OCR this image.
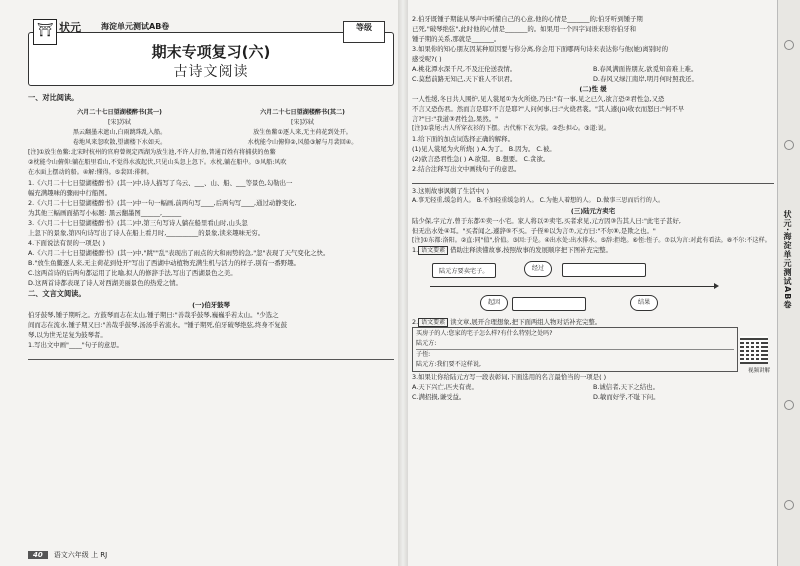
⛩ 状元	海淀单元测试AB卷	等级
期末专项复习(六)
古诗文阅读
一、对比阅读。
六月二十七日望湖楼醉书(其一)
[宋]苏轼
黑云翻墨未遮山,白雨跳珠乱入船。
卷地风来忽吹散,望湖楼下水如天。
六月二十七日望湖楼醉书(其二)
[宋]苏轼
放生鱼鳖①逐人来,无主荷花到处开。
水枕能令山俯仰②,风船③解与月裴回④。
[注]①放生鱼鳖:北宋时杭州的官府曾规定西湖为放生池,不许人打鱼,普通百姓有将捕获的鱼鳖
②枕能令山俯仰:躺在船里看山,不觉得水波起伏,只见山头忽上忽下。水枕,躺在船中。③风船:风吹
在水面上摆动的船。④解:懂得。⑤裴回:徘徊。
1.《六月二十七日望湖楼醉书》(其一)中,诗人描写了乌云、___、山、船、___等景色,勾勒出一
幅充满趣味的骤雨中行船图。
2.《六月二十七日望湖楼醉书》(其一)中一句一幅画,前两句写____,后两句写____,通过动静变化,
为其他三幅画面描写小标题: 黑云翻墨图______,______
3.《六月二十七日望湖楼醉书》(其二)中,第三句写诗人躺在船里看山时,山头忽
上忽下的景象,第四句诗写出了诗人在船上看月时,__________的景象,读来趣味无穷。
4.下面说法有误的一项是( )
A.《六月二十七日望湖楼醉书》(其一)中,"跳""乱"表现出了雨点的大和雨势的急,"忽"表现了天气变化之快。
B."放生鱼鳖逐人来,无主荷花到处开"写出了西湖中动植物充满生机与活力的样子,别有一番野趣。
C.这两首诗的后两句都运用了比喻,拟人的修辞手法,写出了西湖景色之美。
D.这两首诗都表现了诗人对西湖美丽景色的热爱之情。
二、文言文阅读。
(一)伯牙鼓琴
伯牙鼓琴,锺子期听之。方鼓琴而志在太山,锺子期曰:"善哉乎鼓琴,巍巍乎若太山。"少选之
间而志在流水,锺子期又曰:"善哉乎鼓琴,汤汤乎若流水。"锺子期死,伯牙破琴绝弦,终身不复鼓
琴,以为世无足复为鼓琴者。
1.写出文中画"____"句子的意思。
40	语文六年级 上 RJ
2.伯牙既锺子期能从琴声中听懂自己的心意,他的心情是_______的;伯牙听到锺子期
已死,"破琴绝弦",此时他的心情是_______的。如果用一个四字词语来形容伯牙和
锺子期的关系,那就是_______。
3.如果你的知心朋友因某种原因要与你分离,你会用下面哪两句诗来表达你与他(她)离别时的
感受呢?( )
A.桃花潭水深千尺,不及汪伦送我情。	B.春风满面皆朋友,欲觅知音难上难。
C.莫愁前路无知己,天下谁人不识君。	D.春风又绿江南岸,明月何时照我还。
(二)性 缓
一人性缓,冬日共人围炉,见人裳尾①为火所烧,乃曰:"有一事,见之已久,欲言恐②君性急,又恐
不言又恐伤君。然而言是耶?不言是耶?"人问何事,曰:"火烧君裳。"其人遽(jù)收衣而怒曰:"何不早
言?"曰:"我道③君性急,果然。"
[注]①裳尾:古人所穿衣衫的下摆。古代称下衣为裳。②恐:担心。③道:说。
1.给下面的加点词选择正确的解释。
(1)见人裳尾为火所烧( ) A.为了。 B.因为。 C.被。
(2)欲言恐君性急( ) A.欲望。 B.想要。 C.贪欲。
2.结合注释写出文中画线句子的意思。
3.这则故事讽刺了生活中( )
A.事无轻重,缓急的人。 B.不加轻重缓急的人。 C.为他人着想的人。 D.做事三思而后行的人。
(三)陆元方卖宅
陆少保,字元方,曾于东都①卖一小宅。家人将以②卖宅,买者求见,元方因③告其人曰:"此宅子甚好,
但无出水处④耳。"买者闻之,遽辞⑤不买。子侄⑥以为言⑦,元方曰:"不尔⑧,是欺之也。"
[注]①东都:洛阳。②直:同"值",价值。③因:于是。④出水处:出水排水。⑤辞:拒绝。⑥侄:侄子。⑦以为言:对此有看法。⑧不尔:不这样。
1. 语文要素 借助注释读懂故事,按照故事的发展顺序把下图补充完整。
陆元方要卖宅子。	经过
起因	结果
视频讲解
2. 语文要素 读文章,展开合理想象,把下面两组人物对话补充完整。
买房子的人:您家的宅子怎么样?有什么特别之处吗?
陆元方:
子侄:
陆元方:我们要不这样说,
3.如果让你给陆元方写一段表彰词,下面选用的名言最恰当的一项是( )
A.天下兴亡,匹夫有责。	B.诚信者,天下之结也。
C.满招损,谦受益。	D.敏而好学,不耻下问。
状元·海淀单元测试AB卷
